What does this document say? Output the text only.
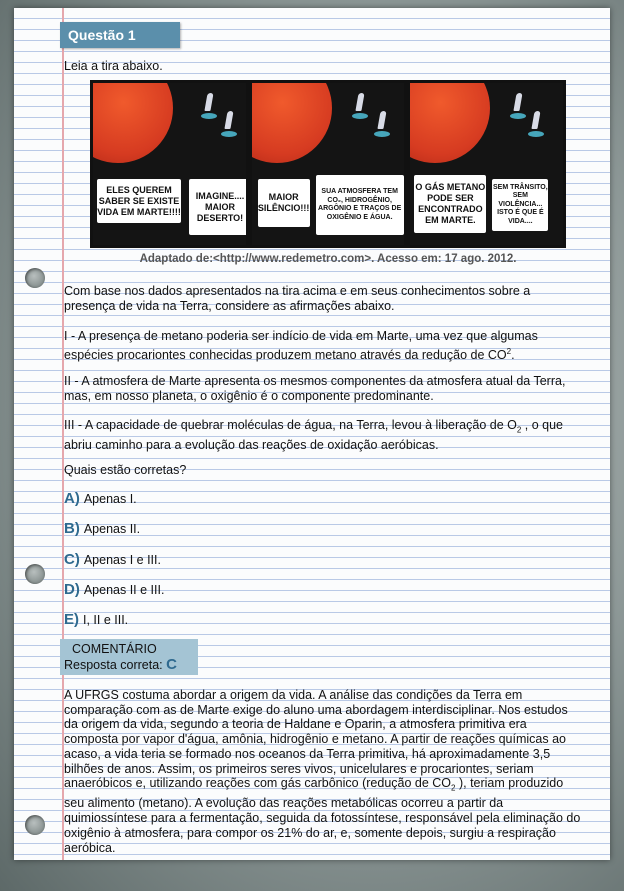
Questão 1
Leia a tira abaixo.
ELES QUEREM SABER SE EXISTE VIDA EM MARTE!!!!
IMAGINE.... MAIOR DESERTO!
MAIOR SILÊNCIO!!!
SUA ATMOSFERA TEM CO₂, HIDROGÊNIO, ARGÔNIO E TRAÇOS DE OXIGÊNIO E ÁGUA.
O GÁS METANO PODE SER ENCONTRADO EM MARTE.
SEM TRÂNSITO, SEM VIOLÊNCIA... ISTO É QUE É VIDA....
Adaptado de:<http://www.redemetro.com>. Acesso em: 17 ago. 2012.
Com base nos dados apresentados na tira acima e em seus conhecimentos sobre a presença de vida na Terra, considere as afirmações abaixo.
I - A presença de metano poderia ser indício de vida em Marte, uma vez que algumas espécies procariontes conhecidas produzem metano através da redução de $CO^2$.
II - A atmosfera de Marte apresenta os mesmos componentes da atmosfera atual da Terra, mas, em nosso planeta, o oxigênio é o componente predominante.
III - A capacidade de quebrar moléculas de água, na Terra, levou à liberação de $O_2$ , o que abriu caminho para a evolução das reações de oxidação aeróbicas.
Quais estão corretas?
A) Apenas I.
B) Apenas II.
C) Apenas I e III.
D) Apenas II e III.
E) I, II e III.
COMENTÁRIO
Resposta correta: C
A UFRGS costuma abordar a origem da vida. A análise das condições da Terra em comparação com as de Marte exige do aluno uma abordagem interdisciplinar. Nos estudos da origem da vida, segundo a teoria de Haldane e Oparin, a atmosfera primitiva era composta por vapor d'água, amônia, hidrogênio e metano. A partir de reações químicas ao acaso, a vida teria se formado nos oceanos da Terra primitiva, há aproximadamente 3,5 bilhões de anos. Assim, os primeiros seres vivos, unicelulares e procariontes, seriam anaeróbicos e, utilizando reações com gás carbônico (redução de $CO_2$ ), teriam produzido seu alimento (metano). A evolução das reações metabólicas ocorreu a partir da quimiossíntese para a fermentação, seguida da fotossíntese, responsável pela eliminação do oxigênio à atmosfera, para compor os 21% do ar, e, somente depois, surgiu a respiração aeróbica.
